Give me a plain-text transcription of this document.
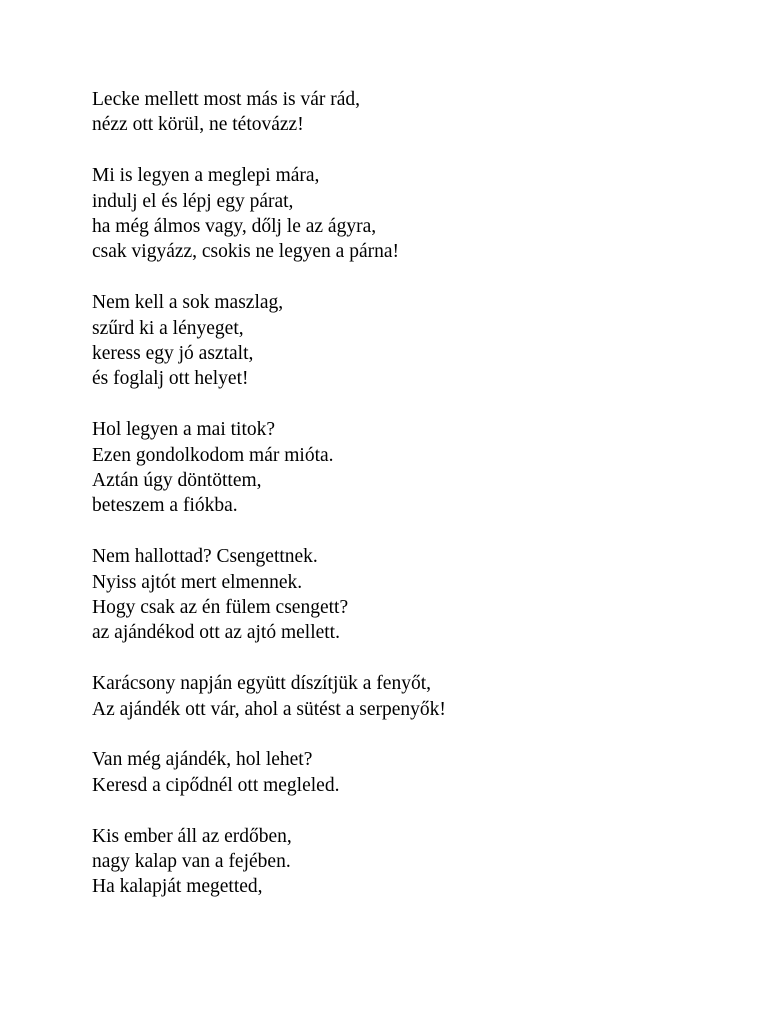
Lecke mellett most más is vár rád,
nézz ott körül, ne tétovázz!
Mi is legyen a meglepi mára,
indulj el és lépj egy párat,
ha még álmos vagy, dőlj le az ágyra,
csak vigyázz, csokis ne legyen a párna!
Nem kell a sok maszlag,
szűrd ki a lényeget,
keress egy jó asztalt,
és foglalj ott helyet!
Hol legyen a mai titok?
Ezen gondolkodom már mióta.
Aztán úgy döntöttem,
beteszem a fiókba.
Nem hallottad? Csengettnek.
Nyiss ajtót mert elmennek.
Hogy csak az én fülem csengett?
az ajándékod ott az ajtó mellett.
Karácsony napján együtt díszítjük a fenyőt,
Az ajándék ott vár, ahol a sütést a serpenyők!
Van még ajándék, hol lehet?
Keresd a cipődnél ott megleled.
Kis ember áll az erdőben,
nagy kalap van a fejében.
Ha kalapját megetted,
